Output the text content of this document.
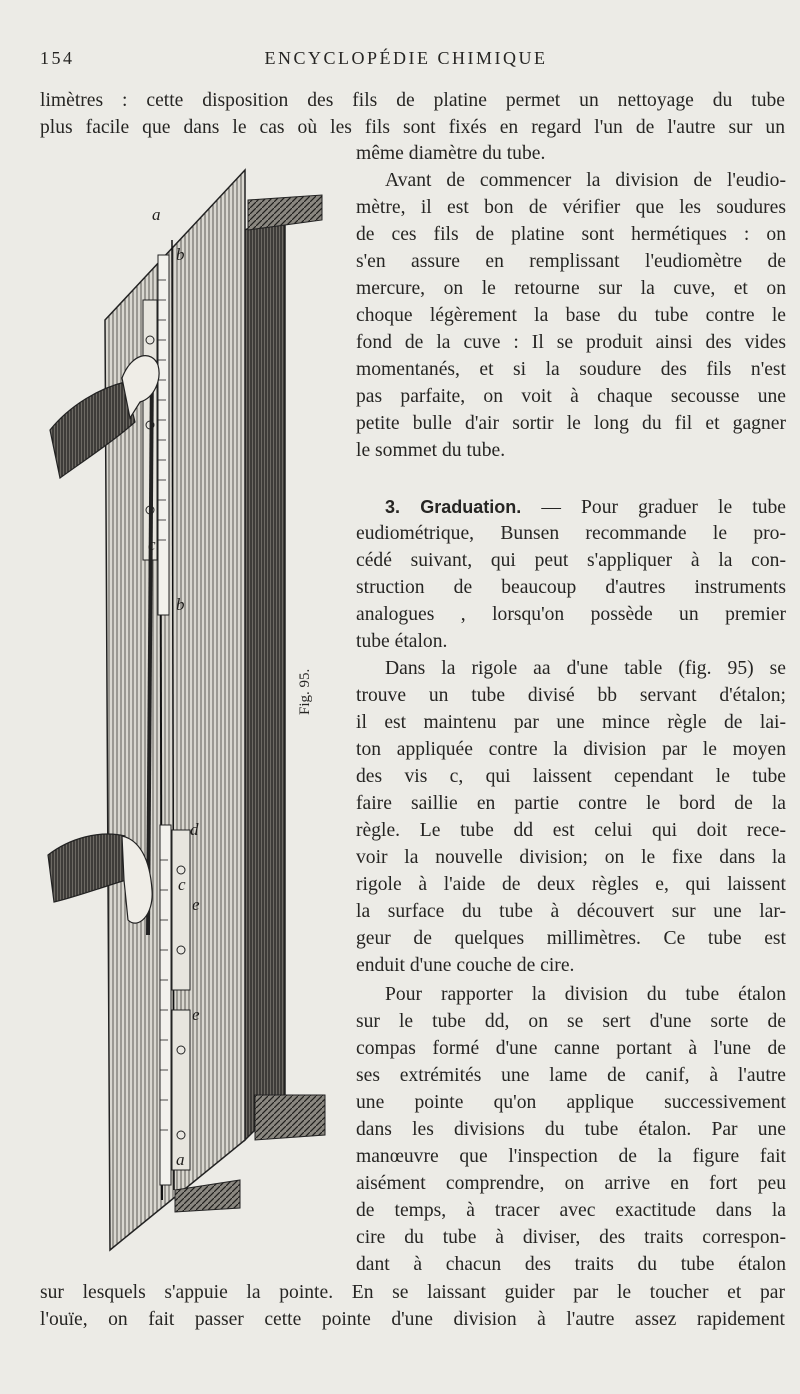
154	ENCYCLOPÉDIE CHIMIQUE
a
b
c
b
d
c
e
e
a
Fig. 95.
limètres : cette disposition des fils de platine permet un nettoyage du tube
plus facile que dans le cas où les fils sont fixés en regard l'un de l'autre sur un
même diamètre du tube.
Avant de commencer la division de l'eudio-
mètre, il est bon de vérifier que les soudures
de ces fils de platine sont hermétiques : on
s'en assure en remplissant l'eudiomètre de
mercure, on le retourne sur la cuve, et on
choque légèrement la base du tube contre le
fond de la cuve : Il se produit ainsi des vides
momentanés, et si la soudure des fils n'est
pas parfaite, on voit à chaque secousse une
petite bulle d'air sortir le long du fil et gagner
le sommet du tube.
3. Graduation. — Pour graduer le tube
eudiométrique, Bunsen recommande le pro-
cédé suivant, qui peut s'appliquer à la con-
struction de beaucoup d'autres instruments
analogues , lorsqu'on possède un premier
tube étalon.
Dans la rigole aa d'une table (fig. 95) se
trouve un tube divisé bb servant d'étalon;
il est maintenu par une mince règle de lai-
ton appliquée contre la division par le moyen
des vis c, qui laissent cependant le tube
faire saillie en partie contre le bord de la
règle. Le tube dd est celui qui doit rece-
voir la nouvelle division; on le fixe dans la
rigole à l'aide de deux règles e, qui laissent
la surface du tube à découvert sur une lar-
geur de quelques millimètres. Ce tube est
enduit d'une couche de cire.
Pour rapporter la division du tube étalon
sur le tube dd, on se sert d'une sorte de
compas formé d'une canne portant à l'une de
ses extrémités une lame de canif, à l'autre
une pointe qu'on applique successivement
dans les divisions du tube étalon. Par une
manœuvre que l'inspection de la figure fait
aisément comprendre, on arrive en fort peu
de temps, à tracer avec exactitude dans la
cire du tube à diviser, des traits correspon-
dant à chacun des traits du tube étalon
sur lesquels s'appuie la pointe. En se laissant guider par le toucher et par
l'ouïe, on fait passer cette pointe d'une division à l'autre assez rapidement
